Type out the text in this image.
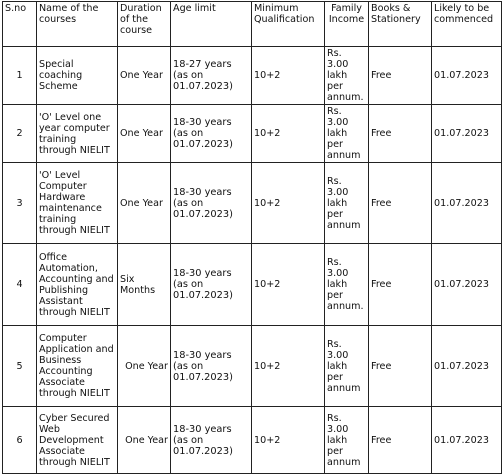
S.no	Name of the courses	Duration of the course	Age limit	Minimum Qualification	Family Income	Books & Stationery	Likely to be commenced
1	Special coaching Scheme	One Year	18-27 years (as on 01.07.2023)	10+2	Rs. 3.00 lakh per annum.	Free	01.07.2023
2	'O' Level one year computer training through NIELIT	One Year	18-30 years (as on 01.07.2023)	10+2	Rs. 3.00 lakh per annum	Free	01.07.2023
3	'O' Level Computer Hardware maintenance training through NIELIT	One Year	18-30 years (as on 01.07.2023)	10+2	Rs. 3.00 lakh per annum	Free	01.07.2023
4	Office Automation, Accounting and Publishing Assistant through NIELIT	Six Months	18-30 years (as on 01.07.2023)	10+2	Rs. 3.00 lakh per annum.	Free	01.07.2023
5	Computer Application and Business Accounting Associate through NIELIT	One Year	18-30 years (as on 01.07.2023)	10+2	Rs. 3.00 lakh per annum	Free	01.07.2023
6	Cyber Secured Web Development Associate through NIELIT	One Year	18-30 years (as on 01.07.2023)	10+2	Rs. 3.00 lakh per annum	Free	01.07.2023
